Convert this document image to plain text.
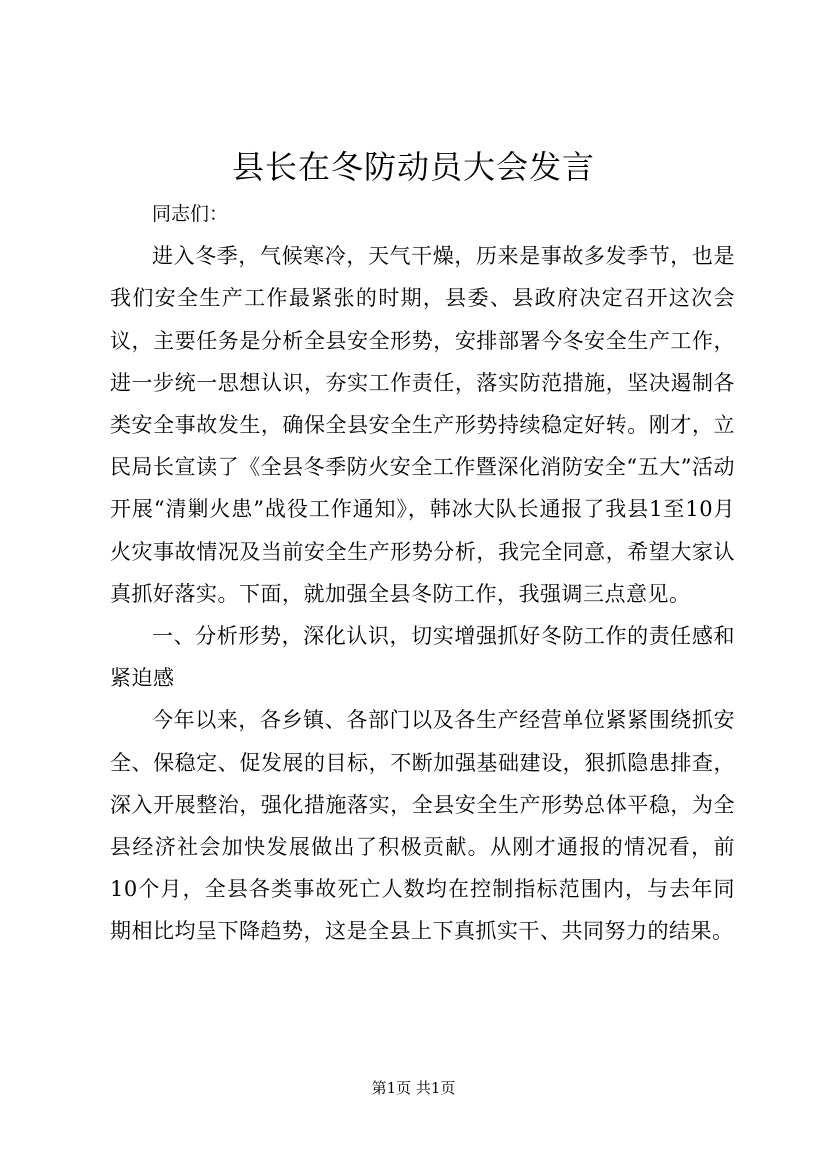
县长在冬防动员大会发言

同志们：

进入冬季，气候寒冷，天气干燥，历来是事故多发季节，也是我们安全生产工作最紧张的时期，县委、县政府决定召开这次会议，主要任务是分析全县安全形势，安排部署今冬安全生产工作，进一步统一思想认识，夯实工作责任，落实防范措施，坚决遏制各类安全事故发生，确保全县安全生产形势持续稳定好转。刚才，立民局长宣读了《全县冬季防火安全工作暨深化消防安全“五大”活动开展“清剿火患”战役工作通知》，韩冰大队长通报了我县1至10月火灾事故情况及当前安全生产形势分析，我完全同意，希望大家认真抓好落实。下面，就加强全县冬防工作，我强调三点意见。

一、分析形势，深化认识，切实增强抓好冬防工作的责任感和紧迫感

今年以来，各乡镇、各部门以及各生产经营单位紧紧围绕抓安全、保稳定、促发展的目标，不断加强基础建设，狠抓隐患排查，深入开展整治，强化措施落实，全县安全生产形势总体平稳，为全县经济社会加快发展做出了积极贡献。从刚才通报的情况看，前10个月，全县各类事故死亡人数均在控制指标范围内，与去年同期相比均呈下降趋势，这是全县上下真抓实干、共同努力的结果。

第1页 共1页
